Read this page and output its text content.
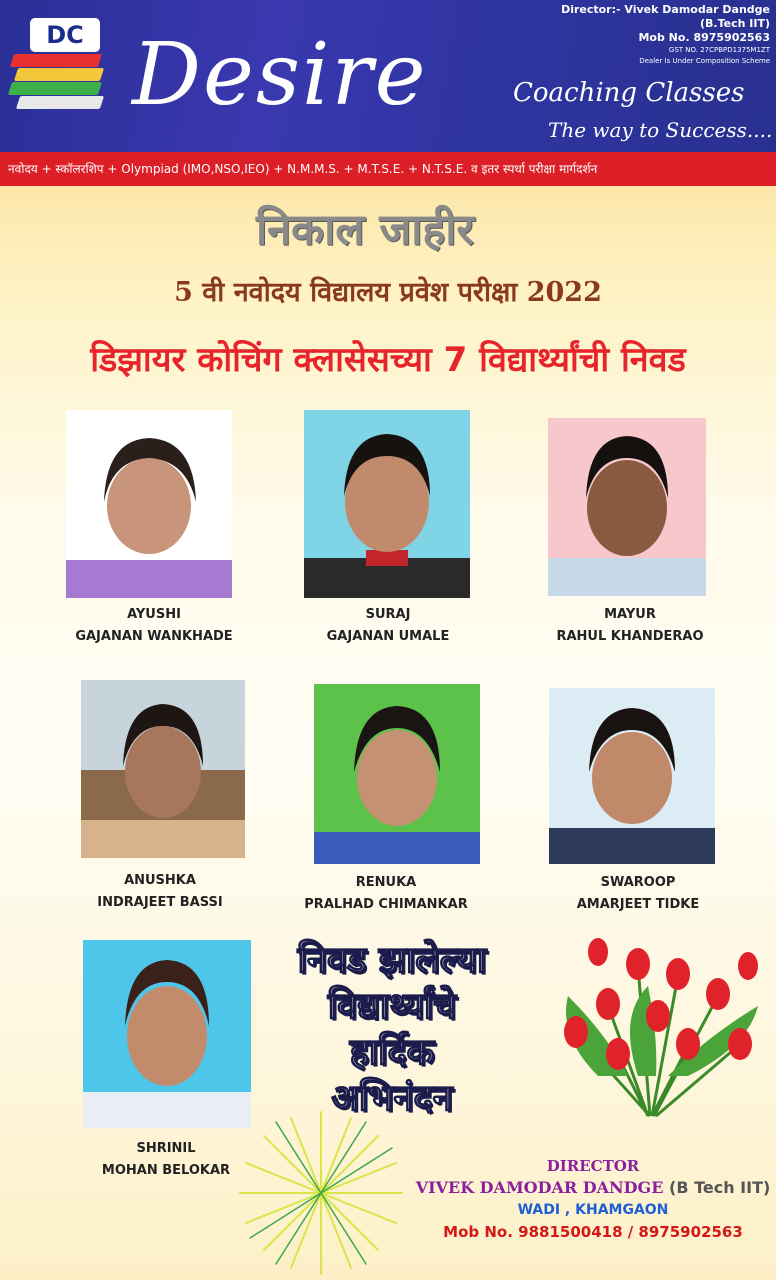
DC Desire	Coaching Classes
The way to Success....
Director:- Vivek Damodar Dandge
(B.Tech IIT)
Mob No. 8975902563
GST NO. 27CPBPD1375M1ZT
Dealer Is Under Composition Scheme
नवोदय + स्कॉलरशिप + Olympiad (IMO,NSO,IEO) + N.M.M.S. + M.T.S.E. + N.T.S.E. व इतर स्पर्धा परीक्षा मार्गदर्शन
निकाल जाहीर
5 वी नवोदय विद्यालय प्रवेश परीक्षा 2022
डिझायर कोचिंग क्लासेसच्या 7 विद्यार्थ्यांची निवड
AYUSHI
GAJANAN WANKHADE
SURAJ
GAJANAN UMALE
MAYUR
RAHUL KHANDERAO
ANUSHKA
INDRAJEET BASSI
RENUKA
PRALHAD CHIMANKAR
SWAROOP
AMARJEET TIDKE
SHRINIL
MOHAN BELOKAR
निवड झालेल्या
विद्यार्थ्यांचे
हार्दिक
अभिनंदन
DIRECTOR
VIVEK DAMODAR DANDGE (B Tech IIT)
WADI , KHAMGAON
Mob No. 9881500418 / 8975902563
